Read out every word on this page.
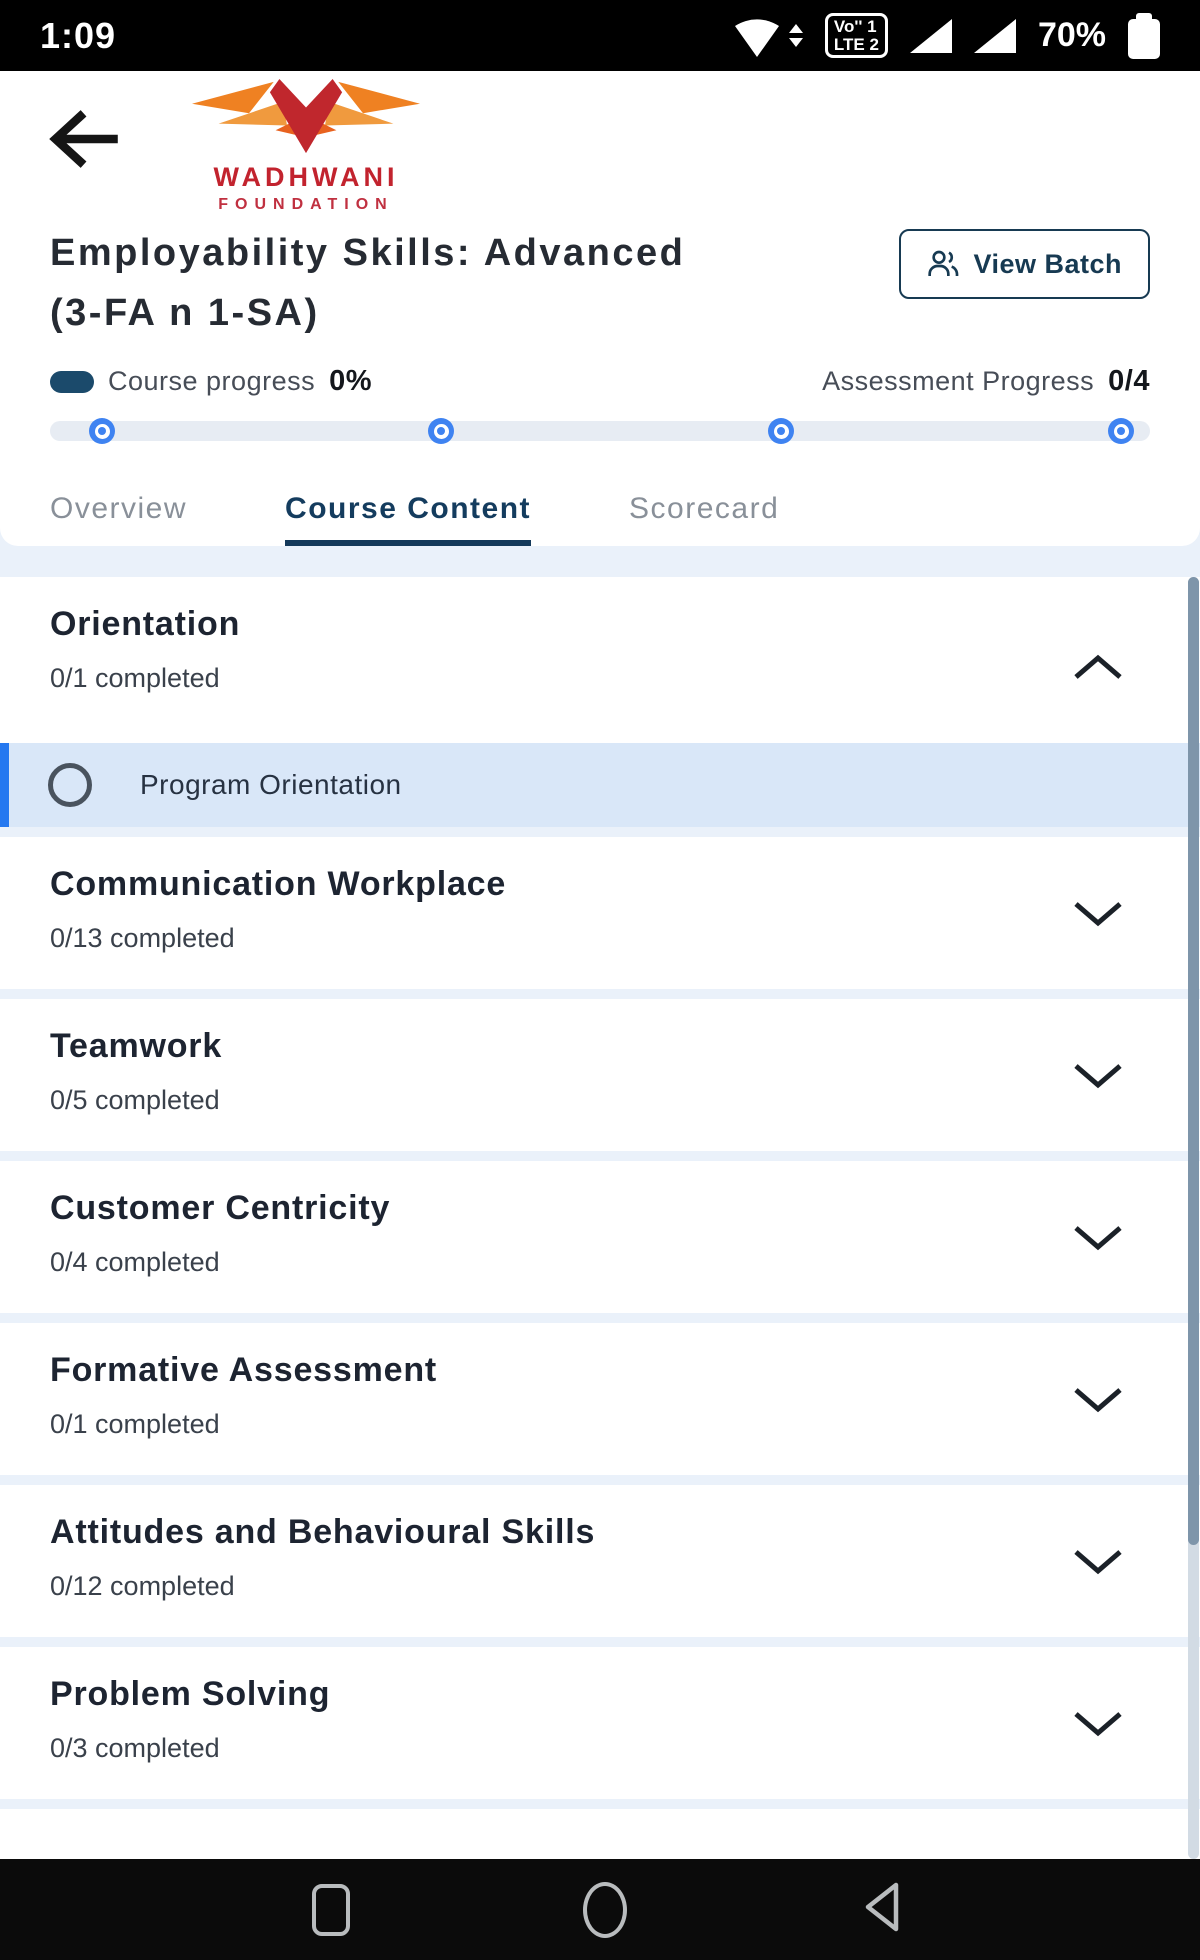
1:09	Vo'' 1
LTE 2	70%
WADHWANI
FOUNDATION
Employability Skills: Advanced
(3-FA n 1-SA)
View Batch
Course progress 0%	Assessment Progress 0/4
Overview	Course Content	Scorecard
Orientation
0/1 completed
Program Orientation
Communication Workplace
0/13 completed
Teamwork
0/5 completed
Customer Centricity
0/4 completed
Formative Assessment
0/1 completed
Attitudes and Behavioural Skills
0/12 completed
Problem Solving
0/3 completed
